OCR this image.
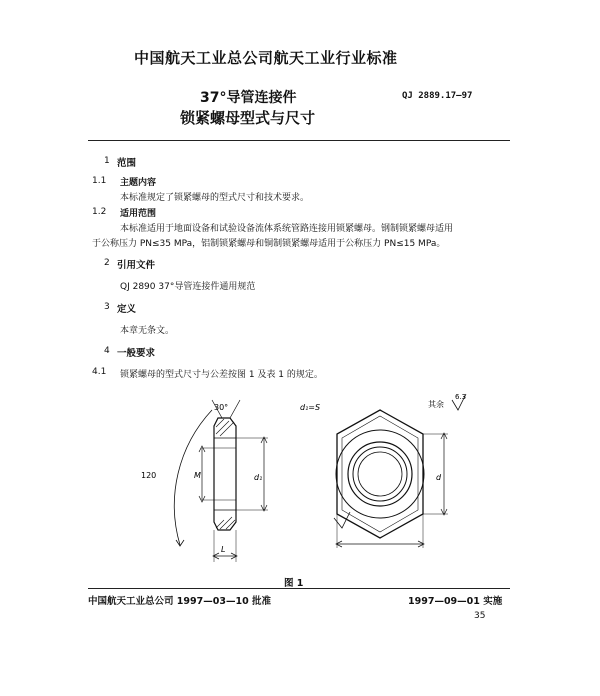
中国航天工业总公司航天工业行业标准
37°导管连接件
锁紧螺母型式与尺寸
QJ 2889.17—97
1 范围
1.1 主题内容
本标准规定了锁紧螺母的型式尺寸和技术要求。
1.2 适用范围
本标准适用于地面设备和试验设备流体系统管路连接用锁紧螺母。钢制锁紧螺母适用
于公称压力 PN≤35 MPa，铝制锁紧螺母和铜制锁紧螺母适用于公称压力 PN≤15 MPa。
2 引用文件
QJ 2890 37°导管连接件通用规范
3 定义
本章无条文。
4 一般要求
4.1 锁紧螺母的型式尺寸与公差按图 1 及表 1 的规定。
30°
120	M	d₁
L
d
d₁=S	其余
6.3
图 1
中国航天工业总公司 1997—03—10 批准	1997—09—01 实施
35
